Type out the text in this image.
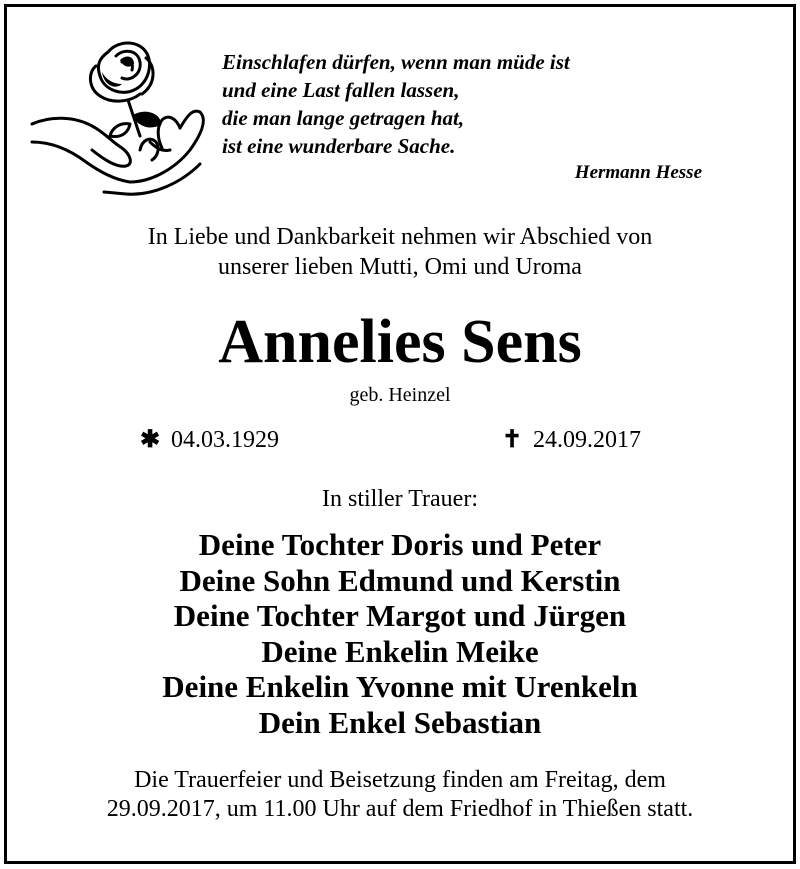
Einschlafen dürfen, wenn man müde ist
und eine Last fallen lassen,
die man lange getragen hat,
ist eine wunderbare Sache.
Hermann Hesse
In Liebe und Dankbarkeit nehmen wir Abschied von
unserer lieben Mutti, Omi und Uroma
Annelies Sens
geb. Heinzel
✱ 04.03.1929	✝ 24.09.2017
In stiller Trauer:
Deine Tochter Doris und Peter
Deine Sohn Edmund und Kerstin
Deine Tochter Margot und Jürgen
Deine Enkelin Meike
Deine Enkelin Yvonne mit Urenkeln
Dein Enkel Sebastian
Die Trauerfeier und Beisetzung finden am Freitag, dem
29.09.2017, um 11.00 Uhr auf dem Friedhof in Thießen statt.
